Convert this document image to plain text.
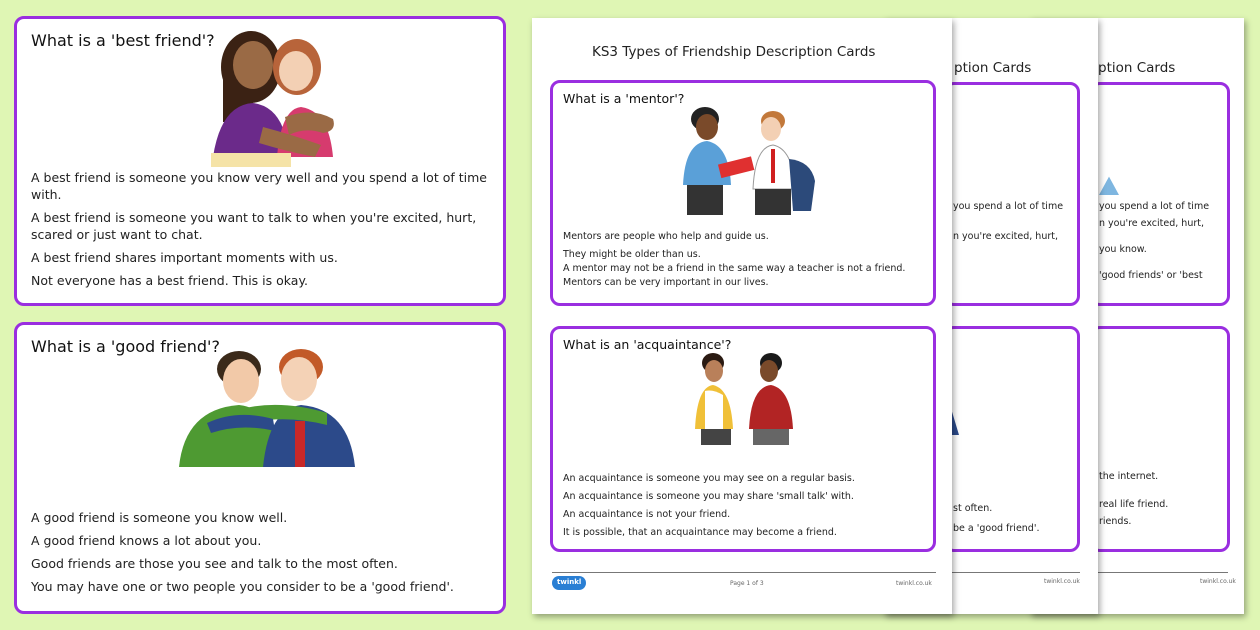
What is a 'best friend'?

A best friend is someone you know very well and you spend a lot of time with.

A best friend is someone you want to talk to when you're excited, hurt, scared or just want to chat.

A best friend shares important moments with us.

Not everyone has a best friend. This is okay.

What is a 'good friend'?

A good friend is someone you know well.

A good friend knows a lot about you.

Good friends are those you see and talk to the most often.

You may have one or two people you consider to be a 'good friend'.

ption Cards

you spend a lot of time

n you're excited, hurt,

you know.

'good friends' or 'best

the internet.

real life friend.

riends.

twinkl.co.uk
ption Cards

you spend a lot of time

n you're excited, hurt,

st often.

be a 'good friend'.

twinkl.co.uk
KS3 Types of Friendship Description Cards
What is a 'mentor'?

Mentors are people who help and guide us.

They might be older than us.

A mentor may not be a friend in the same way a teacher is not a friend.

Mentors can be very important in our lives.

What is an 'acquaintance'?

An acquaintance is someone you may see on a regular basis.

An acquaintance is someone you may share 'small talk' with.

An acquaintance is not your friend.

It is possible, that an acquaintance may become a friend.

twinkl	Page 1 of 3	twinkl.co.uk
